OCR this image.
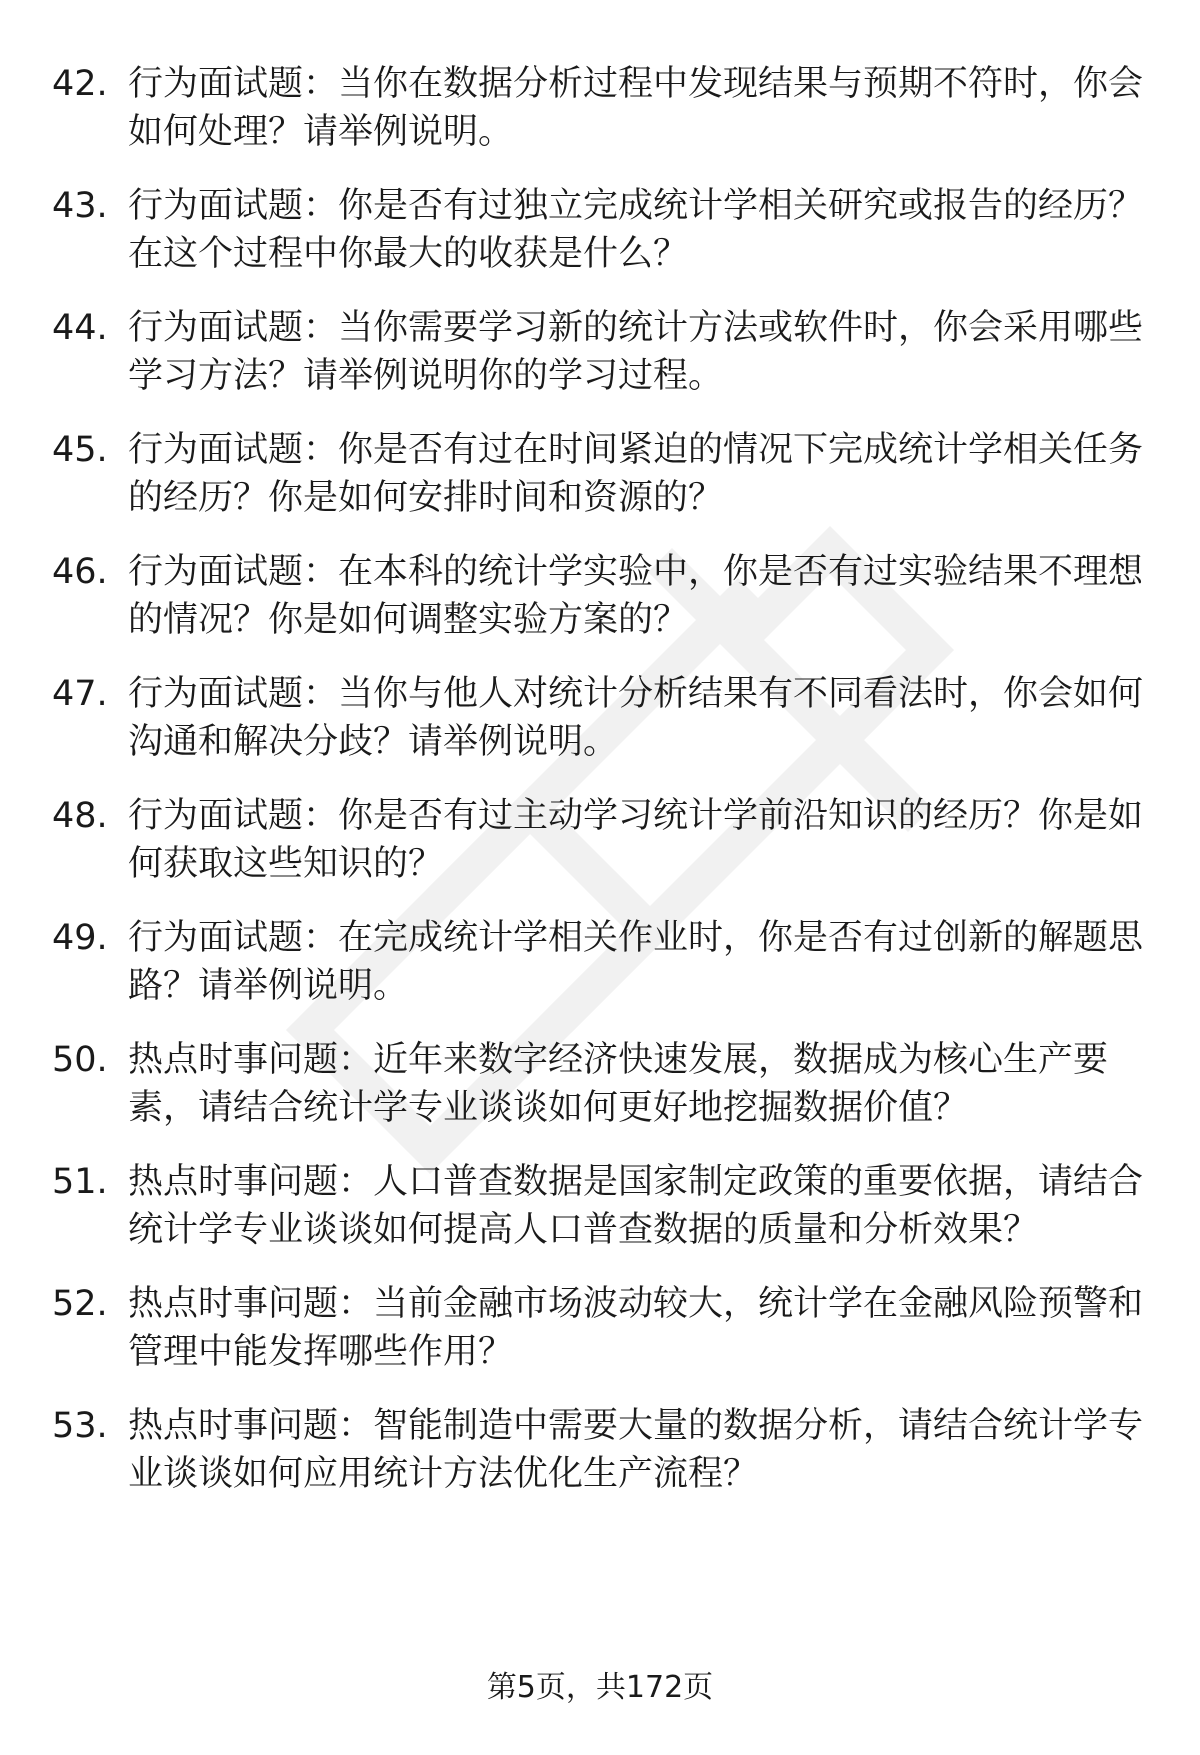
42. 行为面试题：当你在数据分析过程中发现结果与预期不符时，你会如何处理？请举例说明。

43. 行为面试题：你是否有过独立完成统计学相关研究或报告的经历？在这个过程中你最大的收获是什么？

44. 行为面试题：当你需要学习新的统计方法或软件时，你会采用哪些学习方法？请举例说明你的学习过程。

45. 行为面试题：你是否有过在时间紧迫的情况下完成统计学相关任务的经历？你是如何安排时间和资源的？

46. 行为面试题：在本科的统计学实验中，你是否有过实验结果不理想的情况？你是如何调整实验方案的？

47. 行为面试题：当你与他人对统计分析结果有不同看法时，你会如何沟通和解决分歧？请举例说明。

48. 行为面试题：你是否有过主动学习统计学前沿知识的经历？你是如何获取这些知识的？

49. 行为面试题：在完成统计学相关作业时，你是否有过创新的解题思路？请举例说明。

50. 热点时事问题：近年来数字经济快速发展，数据成为核心生产要素，请结合统计学专业谈谈如何更好地挖掘数据价值？

51. 热点时事问题：人口普查数据是国家制定政策的重要依据，请结合统计学专业谈谈如何提高人口普查数据的质量和分析效果？

52. 热点时事问题：当前金融市场波动较大，统计学在金融风险预警和管理中能发挥哪些作用？

53. 热点时事问题：智能制造中需要大量的数据分析，请结合统计学专业谈谈如何应用统计方法优化生产流程？

第5页，共172页
